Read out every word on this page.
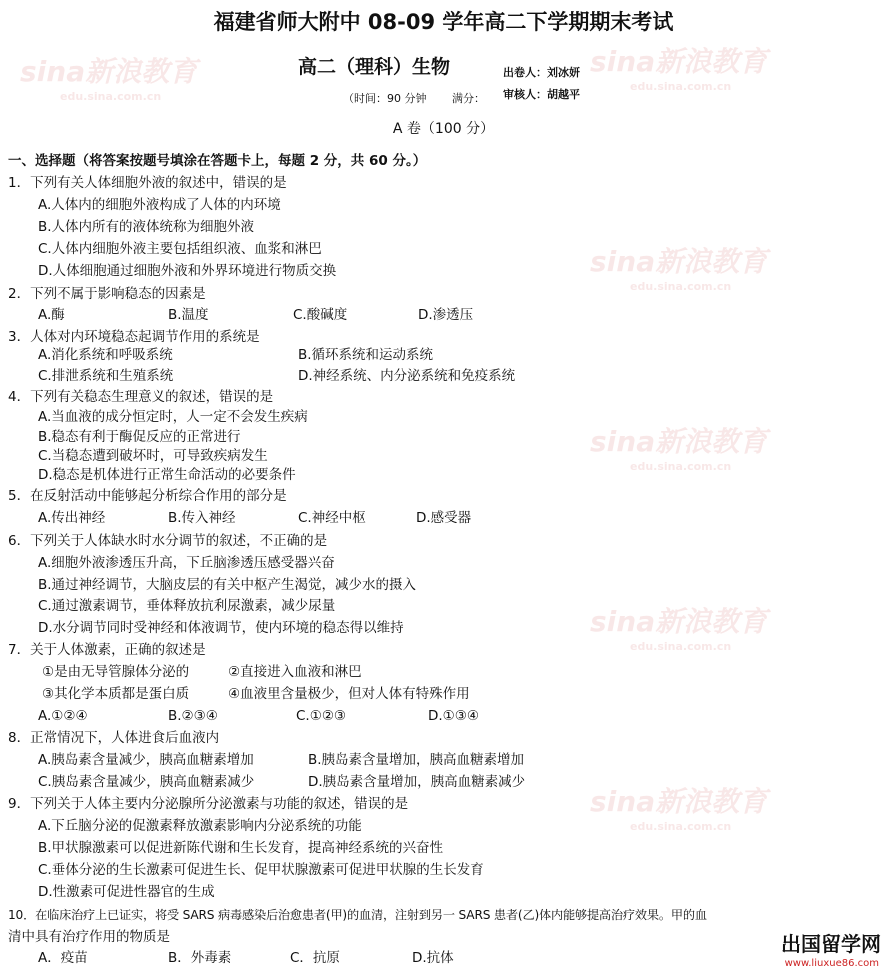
sina新浪教育
edu.sina.com.cn
sina新浪教育
edu.sina.com.cn
sina新浪教育
edu.sina.com.cn
sina新浪教育
edu.sina.com.cn
sina新浪教育
edu.sina.com.cn
sina新浪教育
edu.sina.com.cn
福建省师大附中 08-09 学年高二下学期期末考试
高二（理科）生物	出卷人：刘冰妍
审核人：胡越平
（时间：90 分钟 满分：
A 卷（100 分）
一、选择题（将答案按题号填涂在答题卡上，每题 2 分，共 60 分。）
1．下列有关人体细胞外液的叙述中，错误的是
A.人体内的细胞外液构成了人体的内环境
B.人体内所有的液体统称为细胞外液
C.人体内细胞外液主要包括组织液、血浆和淋巴
D.人体细胞通过细胞外液和外界环境进行物质交换
2．下列不属于影响稳态的因素是
A.酶	B.温度	C.酸碱度	D.渗透压
3．人体对内环境稳态起调节作用的系统是
A.消化系统和呼吸系统	B.循环系统和运动系统
C.排泄系统和生殖系统	D.神经系统、内分泌系统和免疫系统
4．下列有关稳态生理意义的叙述，错误的是
A.当血液的成分恒定时，人一定不会发生疾病
B.稳态有利于酶促反应的正常进行
C.当稳态遭到破坏时，可导致疾病发生
D.稳态是机体进行正常生命活动的必要条件
5．在反射活动中能够起分析综合作用的部分是
A.传出神经	B.传入神经	C.神经中枢	D.感受器
6．下列关于人体缺水时水分调节的叙述，不正确的是
A.细胞外液渗透压升高，下丘脑渗透压感受器兴奋
B.通过神经调节，大脑皮层的有关中枢产生渴觉，减少水的摄入
C.通过激素调节，垂体释放抗利尿激素，减少尿量
D.水分调节同时受神经和体液调节，使内环境的稳态得以维持
7．关于人体激素，正确的叙述是
①是由无导管腺体分泌的	②直接进入血液和淋巴
③其化学本质都是蛋白质	④血液里含量极少，但对人体有特殊作用
A.①②④	B.②③④	C.①②③	D.①③④
8．正常情况下，人体进食后血液内
A.胰岛素含量减少，胰高血糖素增加	B.胰岛素含量增加，胰高血糖素增加
C.胰岛素含量减少，胰高血糖素减少	D.胰岛素含量增加，胰高血糖素减少
9．下列关于人体主要内分泌腺所分泌激素与功能的叙述，错误的是
A.下丘脑分泌的促激素释放激素影响内分泌系统的功能
B.甲状腺激素可以促进新陈代谢和生长发育，提高神经系统的兴奋性
C.垂体分泌的生长激素可促进生长、促甲状腺激素可促进甲状腺的生长发育
D.性激素可促进性器官的生成
10．在临床治疗上已证实，将受 SARS 病毒感染后治愈患者(甲)的血清，注射到另一 SARS 患者(乙)体内能够提高治疗效果。甲的血
清中具有治疗作用的物质是
A．疫苗	B．外毒素	C．抗原	D.抗体
出国留学网
www.liuxue86.com
